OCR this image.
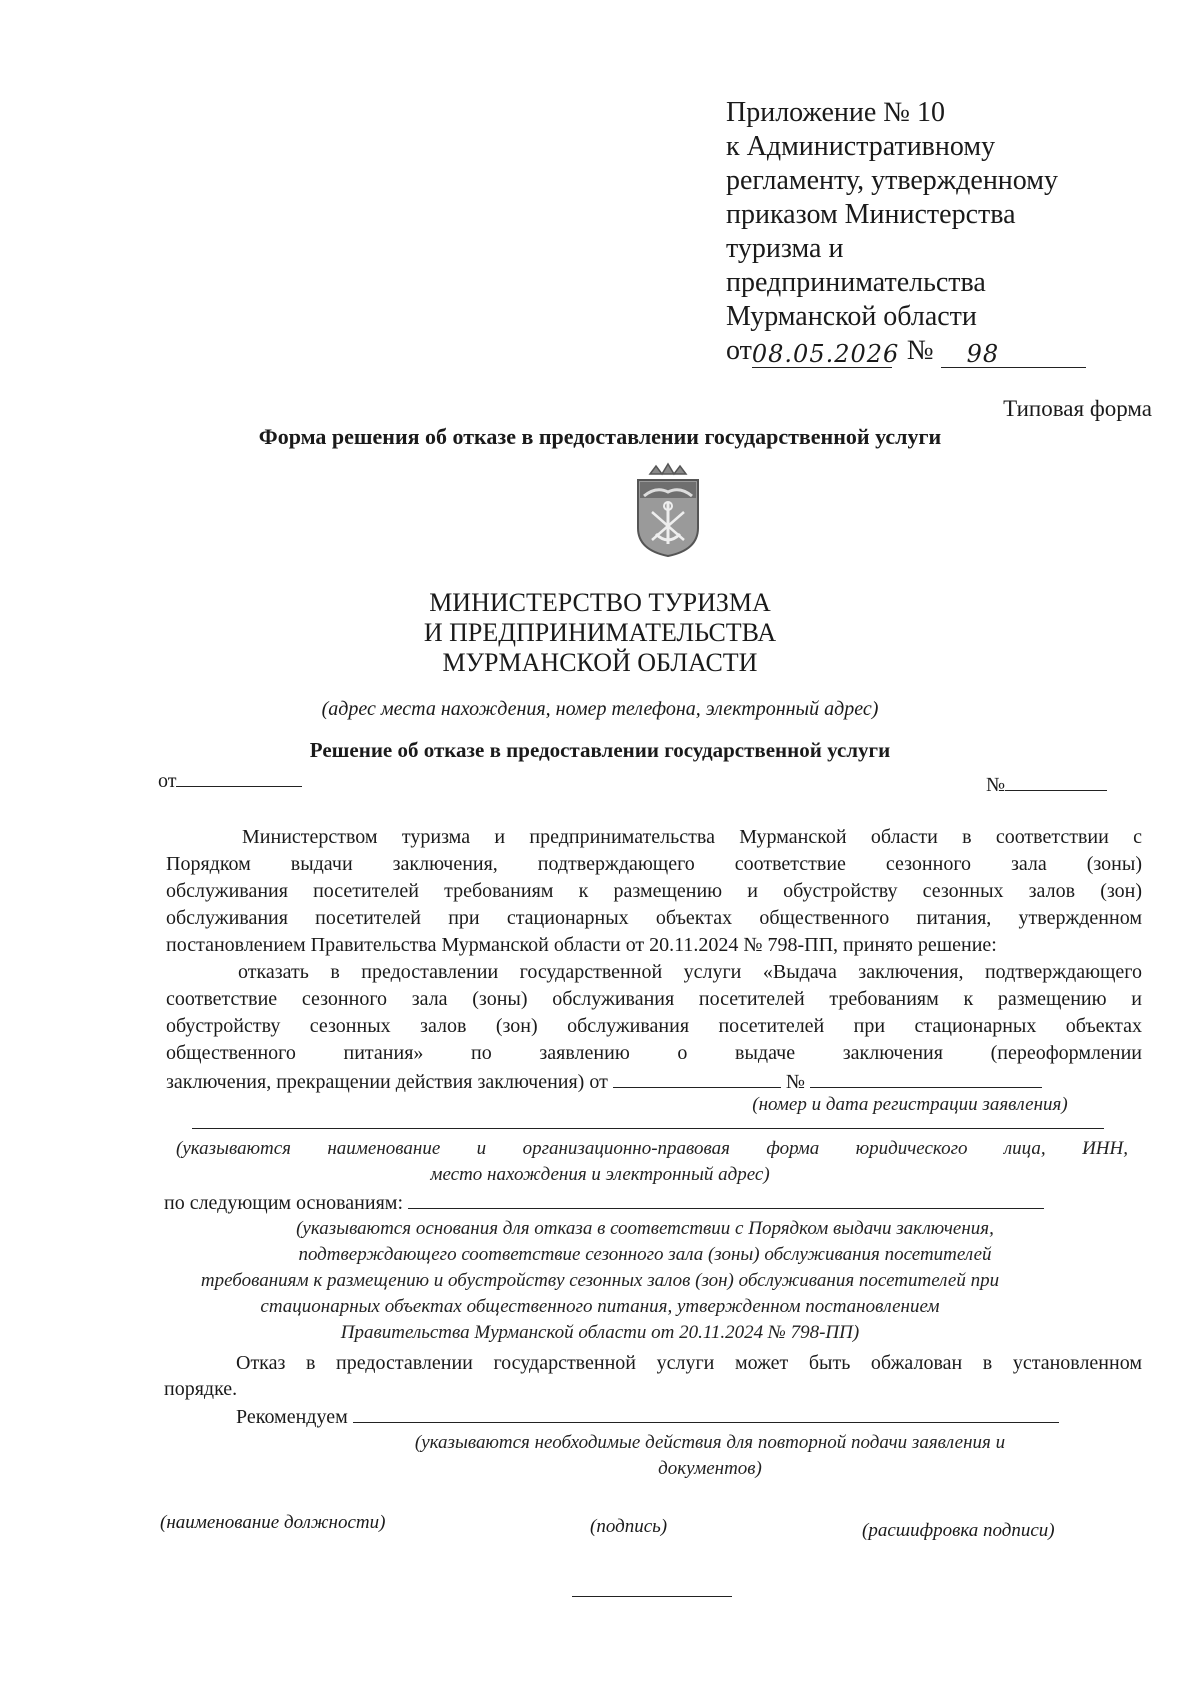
Приложение № 10
к Административному
регламенту, утвержденному
приказом Министерства
туризма и
предпринимательства
Мурманской области
от08.05.2026 № 98
Типовая форма
Форма решения об отказе в предоставлении государственной услуги
МИНИСТЕРСТВО ТУРИЗМА
И ПРЕДПРИНИМАТЕЛЬСТВА
МУРМАНСКОЙ ОБЛАСТИ
(адрес места нахождения, номер телефона, электронный адрес)
Решение об отказе в предоставлении государственной услуги
от	№
Министерством туризма и предпринимательства Мурманской области в соответствии с
Порядком выдачи заключения, подтверждающего соответствие сезонного зала (зоны)
обслуживания посетителей требованиям к размещению и обустройству сезонных залов (зон)
обслуживания посетителей при стационарных объектах общественного питания, утвержденном
постановлением Правительства Мурманской области от 20.11.2024 № 798-ПП, принято решение:
отказать в предоставлении государственной услуги «Выдача заключения, подтверждающего
соответствие сезонного зала (зоны) обслуживания посетителей требованиям к размещению и
обустройству сезонных залов (зон) обслуживания посетителей при стационарных объектах
общественного питания» по заявлению о выдаче заключения (переоформлении
заключения, прекращении действия заключения) от	№
(номер и дата регистрации заявления)
(указываются наименование и организационно-правовая форма юридического лица, ИНН,
место нахождения и электронный адрес)
по следующим основаниям:
(указываются основания для отказа в соответствии с Порядком выдачи заключения,
подтверждающего соответствие сезонного зала (зоны) обслуживания посетителей
требованиям к размещению и обустройству сезонных залов (зон) обслуживания посетителей при
стационарных объектах общественного питания, утвержденном постановлением
Правительства Мурманской области от 20.11.2024 № 798-ПП)
Отказ в предоставлении государственной услуги может быть обжалован в установленном
порядке.
Рекомендуем
(указываются необходимые действия для повторной подачи заявления и
документов)
(наименование должности)	(подпись)	(расшифровка подписи)
